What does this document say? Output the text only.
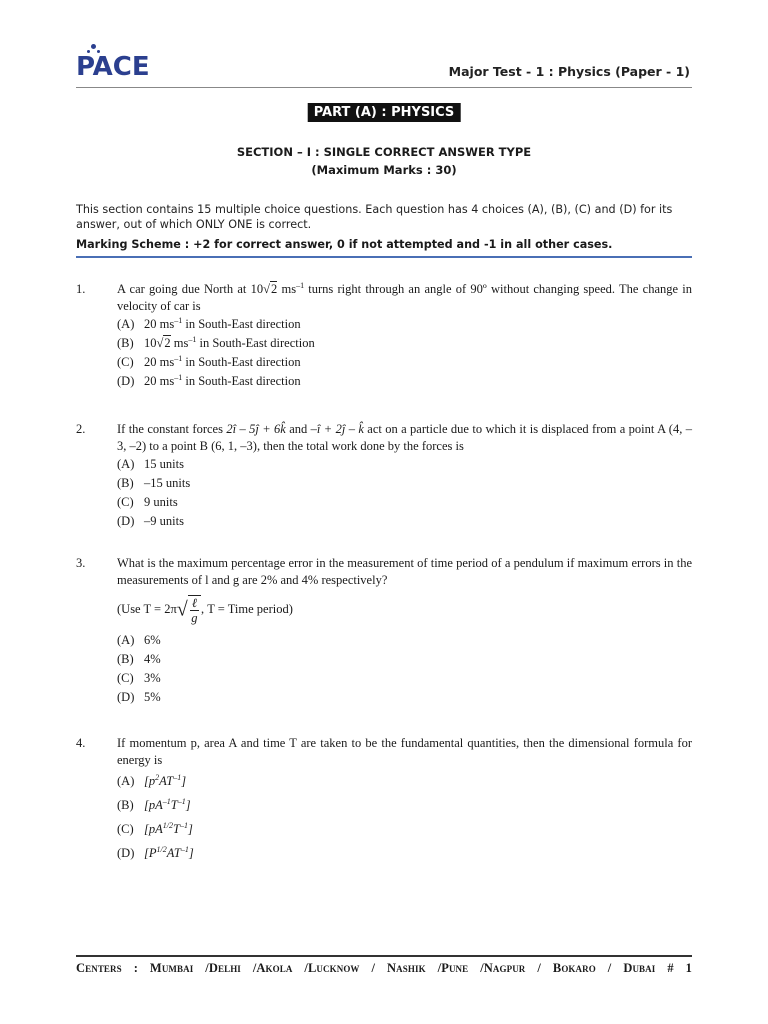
PACE	Major Test - 1 : Physics (Paper - 1)
PART (A) : PHYSICS
SECTION – I : SINGLE CORRECT ANSWER TYPE
(Maximum Marks : 30)
This section contains 15 multiple choice questions. Each question has 4 choices (A), (B), (C) and (D) for its answer, out of which ONLY ONE is correct.
Marking Scheme : +2 for correct answer, 0 if not attempted and -1 in all other cases.
1.	A car going due North at 10√2 $ms^{-1}$ turns right through an angle of 90º without changing speed. The change in velocity of car is
(A) 20 $ms^{-1}$ in South-East direction
(B) 10√2 $ms^{-1}$ in South-East direction
(C) 20 $ms^{-1}$ in South-East direction
(D) 20 $ms^{-1}$ in South-East direction
2.	If the constant forces 2î – 5ĵ + 6k̂ and –î + 2ĵ – k̂ act on a particle due to which it is displaced from a point A (4, –3, –2) to a point B (6, 1, –3), then the total work done by the forces is
(A) 15 units
(B) –15 units
(C) 9 units
(D) –9 units
3.	What is the maximum percentage error in the measurement of time period of a pendulum if maximum errors in the measurements of l and g are 2% and 4% respectively?
(Use $T = 2\pi√ \frac{\text{ℓ}}{g}$ , T = Time period)
(A) 6%
(B) 4%
(C) 3%
(D) 5%
4.	If momentum p, area A and time T are taken to be the fundamental quantities, then the dimensional formula for energy is
(A) $[p^2AT^{-1}]$
(B) $[pA^{-1}T^{-1}]$
(C) $[pA^{1/2}T^{-1}]$
(D) $[P^{1/2}AT^{-1}]$
Centers : Mumbai /Delhi /Akola /Lucknow / Nashik /Pune /Nagpur / Bokaro / Dubai # 1
